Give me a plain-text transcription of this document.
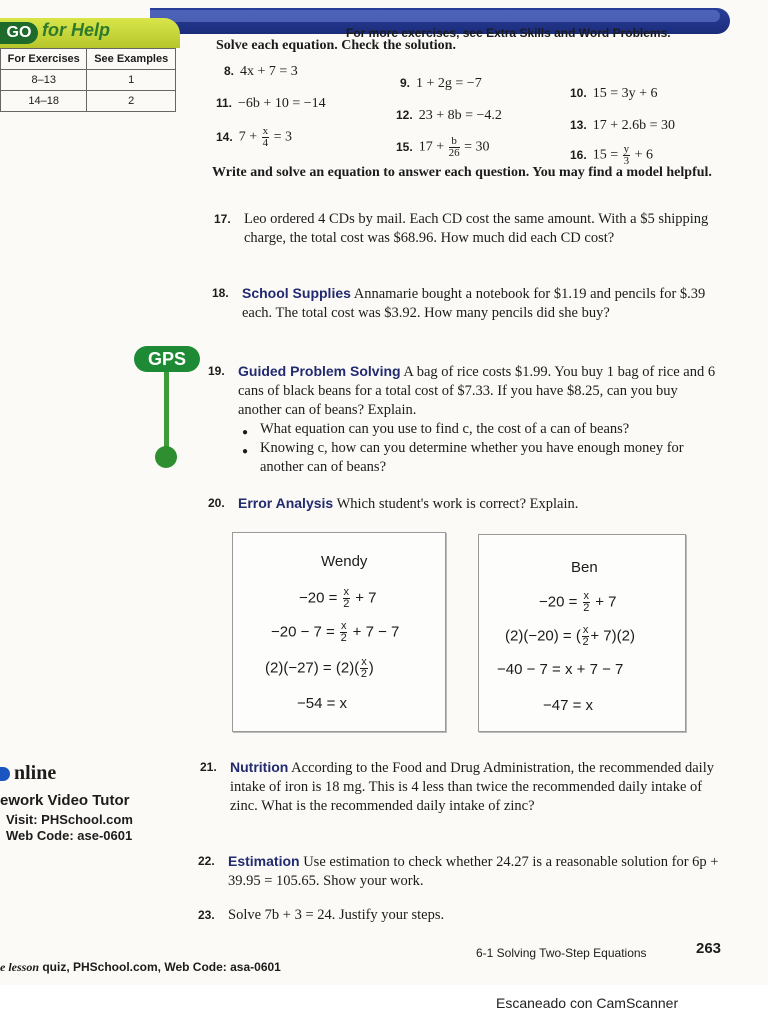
For more exercises, see Extra Skills and Word Problems.
Solve each equation. Check the solution.
GO for Help
For Exercises	See Examples
8–13	1
14–18	2
8. 4x + 7 = 3
9. 1 + 2g = −7
10. 15 = 3y + 6
11. −6b + 10 = −14
12. 23 + 8b = −4.2
13. 17 + 2.6b = 30
14. $7 + \frac{x}{4} = 3$
15. $17 + \frac{b}{26} = 30$	16. $15 = \frac{y}{3} + 6$
Write and solve an equation to answer each question. You may find a model helpful.
17. Leo ordered 4 CDs by mail. Each CD cost the same amount. With a $5 shipping charge, the total cost was $68.96. How much did each CD cost?
18. School Supplies Annamarie bought a notebook for $1.19 and pencils for $.39 each. The total cost was $3.92. How many pencils did she buy?
GPS
19. Guided Problem Solving A bag of rice costs $1.99. You buy 1 bag of rice and 6 cans of black beans for a total cost of $7.33. If you have $8.25, can you buy another can of beans? Explain.
● What equation can you use to find c, the cost of a can of beans?
● Knowing c, how can you determine whether you have enough money for another can of beans?
20. Error Analysis Which student's work is correct? Explain.
Wendy
$-20 = \frac{x}{2} + 7$
$-20 - 7 = \frac{x}{2} + 7 - 7$
$(2)(-27) = (2)( \frac{x}{2}$ )
−54 = x
Ben
$-20 = \frac{x}{2} + 7$
(2)(−20) = ( $\frac{x}{2} + 7)(2)$
−40 − 7 = x + 7 − 7
−47 = x
nline
ework Video Tutor
Visit: PHSchool.com
Web Code: ase-0601
21. Nutrition According to the Food and Drug Administration, the recommended daily intake of iron is 18 mg. This is 4 less than twice the recommended daily intake of zinc. What is the recommended daily intake of zinc?
22. Estimation Use estimation to check whether 24.27 is a reasonable solution for 6p + 39.95 = 105.65. Show your work.
23. Solve 7b + 3 = 24. Justify your steps.
e lesson quiz, PHSchool.com, Web Code: asa-0601
6-1 Solving Two-Step Equations	263
Escaneado con CamScanner
